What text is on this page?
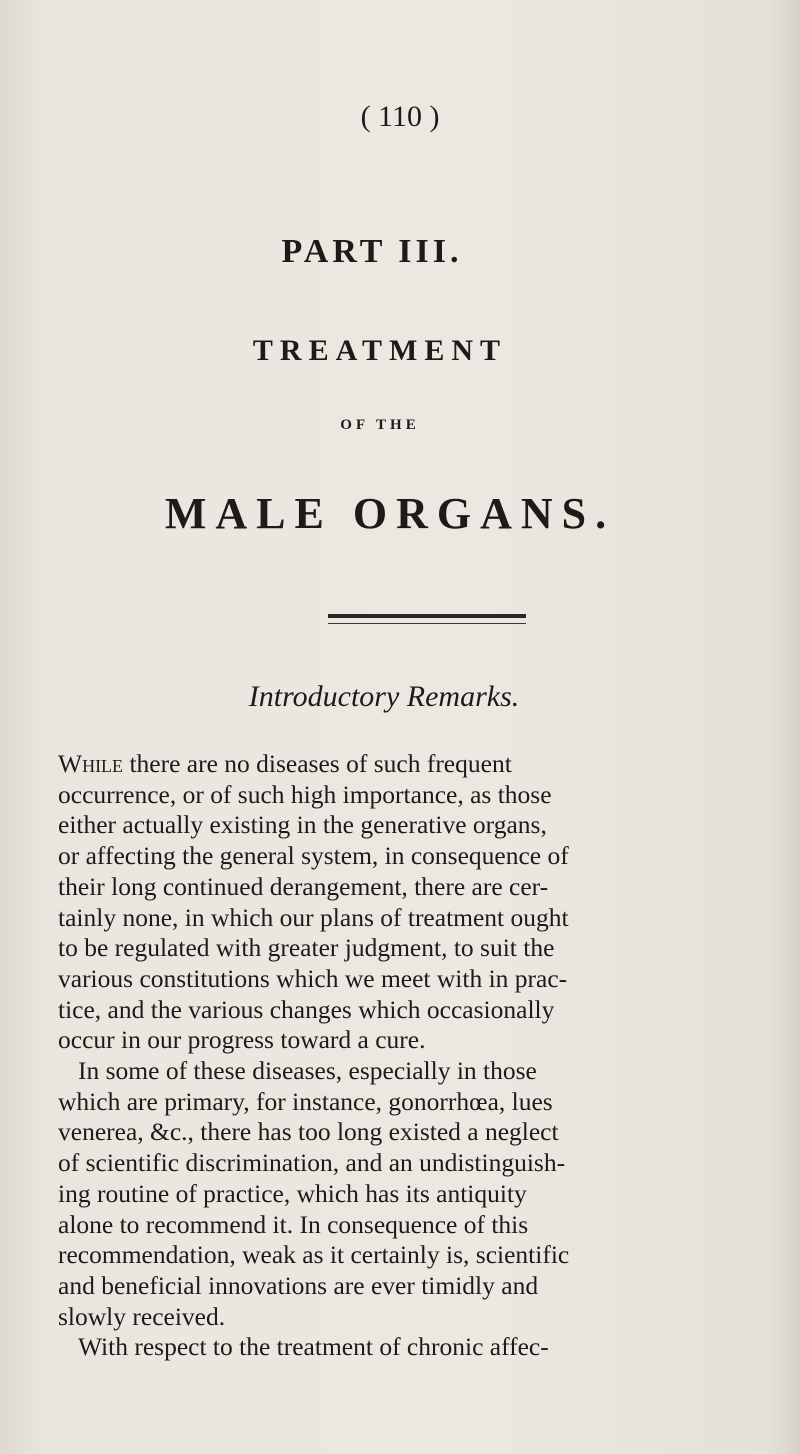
( 110 )
PART III.
TREATMENT
OF THE
MALE ORGANS.
Introductory Remarks.
While there are no diseases of such frequent
occurrence, or of such high importance, as those
either actually existing in the generative organs,
or affecting the general system, in consequence of
their long continued derangement, there are cer-
tainly none, in which our plans of treatment ought
to be regulated with greater judgment, to suit the
various constitutions which we meet with in prac-
tice, and the various changes which occasionally
occur in our progress toward a cure.
In some of these diseases, especially in those
which are primary, for instance, gonorrhœa, lues
venerea, &c., there has too long existed a neglect
of scientific discrimination, and an undistinguish-
ing routine of practice, which has its antiquity
alone to recommend it. In consequence of this
recommendation, weak as it certainly is, scientific
and beneficial innovations are ever timidly and
slowly received.
With respect to the treatment of chronic affec-
